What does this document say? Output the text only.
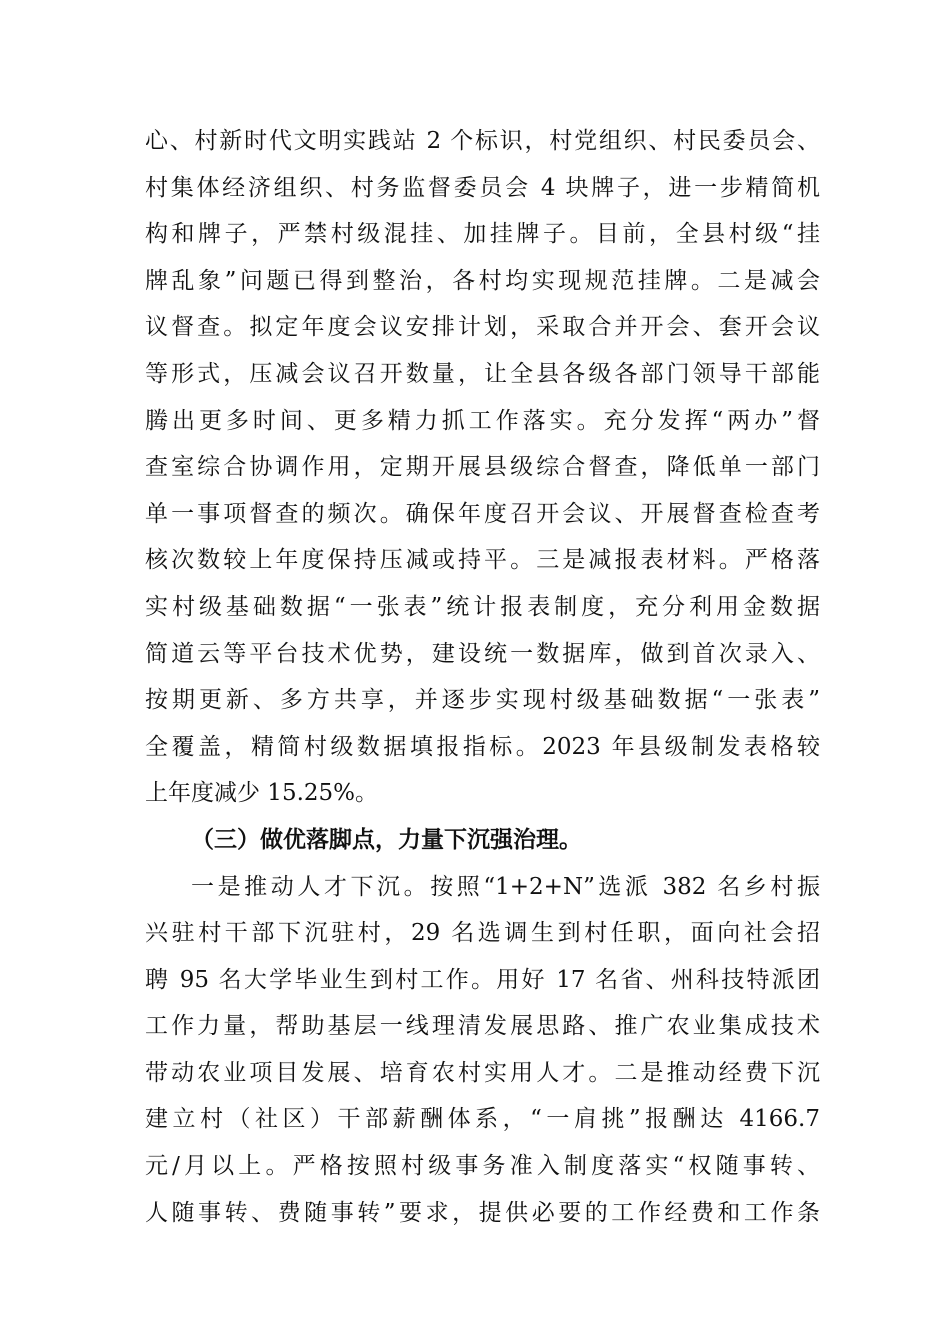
心、村新时代文明实践站 2 个标识，村党组织、村民委员会、
村集体经济组织、村务监督委员会 4 块牌子，进一步精简机
构和牌子，严禁村级混挂、加挂牌子。目前，全县村级“挂
牌乱象”问题已得到整治，各村均实现规范挂牌。二是减会
议督查。拟定年度会议安排计划，采取合并开会、套开会议
等形式，压减会议召开数量，让全县各级各部门领导干部能
腾出更多时间、更多精力抓工作落实。充分发挥“两办”督
查室综合协调作用，定期开展县级综合督查，降低单一部门
单一事项督查的频次。确保年度召开会议、开展督查检查考
核次数较上年度保持压减或持平。三是减报表材料。严格落
实村级基础数据“一张表”统计报表制度，充分利用金数据
简道云等平台技术优势，建设统一数据库，做到首次录入、
按期更新、多方共享，并逐步实现村级基础数据“一张表”
全覆盖，精简村级数据填报指标。2023 年县级制发表格较
上年度减少 15.25%。
（三）做优落脚点，力量下沉强治理。
一是推动人才下沉。按照“1+2+N”选派 382 名乡村振
兴驻村干部下沉驻村，29 名选调生到村任职，面向社会招
聘 95 名大学毕业生到村工作。用好 17 名省、州科技特派团
工作力量，帮助基层一线理清发展思路、推广农业集成技术
带动农业项目发展、培育农村实用人才。二是推动经费下沉
建立村（社区）干部薪酬体系，“一肩挑”报酬达 4166.7
元/月以上。严格按照村级事务准入制度落实“权随事转、
人随事转、费随事转”要求，提供必要的工作经费和工作条
